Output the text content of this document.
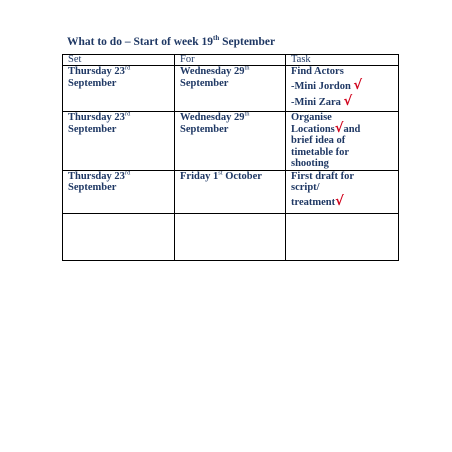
What to do – Start of week 19th September
Set	For	Task
Thursday 23rd
September	Wednesday 29th
September	Find Actors
-Mini Jordon √
-Mini Zara √

Thursday 23rd
September	Wednesday 29th
September	Organise
Locations√and
brief idea of
timetable for
shooting

Thursday 23rd
September	Friday 1st October	First draft for
script/
treatment√
